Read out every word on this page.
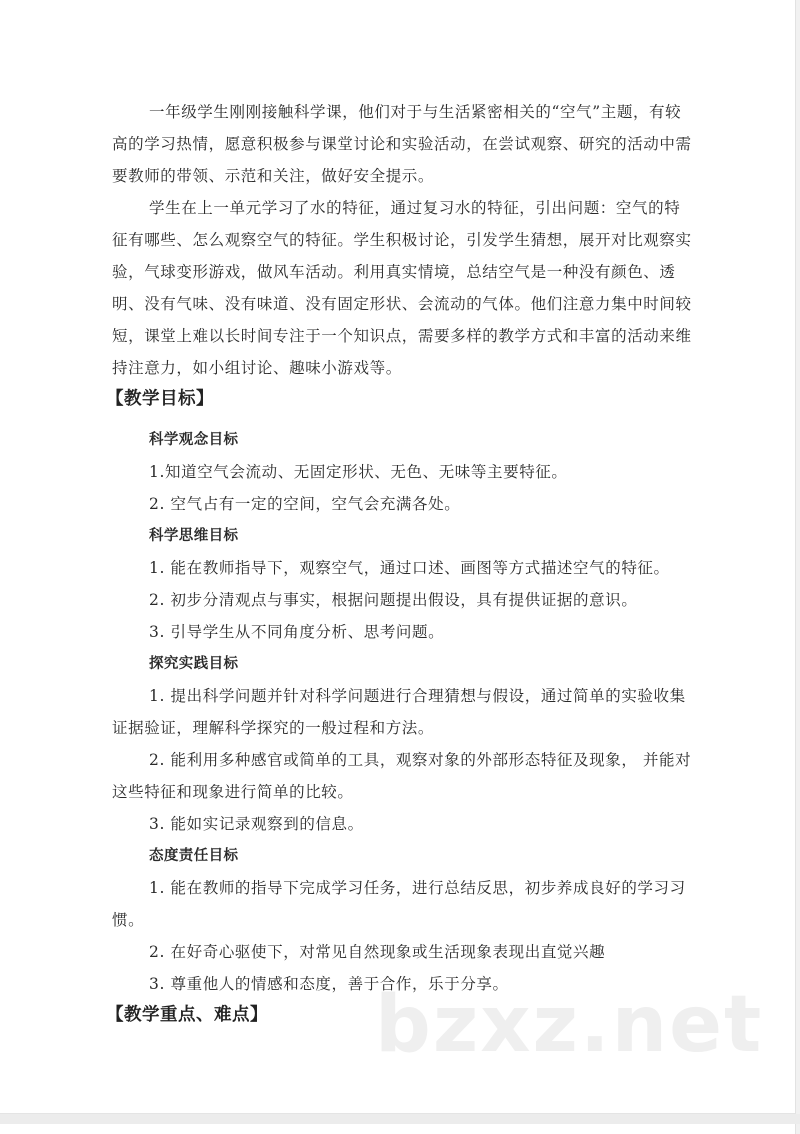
一年级学生刚刚接触科学课，他们对于与生活紧密相关的“空气”主题，有较高的学习热情，愿意积极参与课堂讨论和实验活动，在尝试观察、研究的活动中需要教师的带领、示范和关注，做好安全提示。

学生在上一单元学习了水的特征，通过复习水的特征，引出问题：空气的特征有哪些、怎么观察空气的特征。学生积极讨论，引发学生猜想，展开对比观察实验，气球变形游戏，做风车活动。利用真实情境，总结空气是一种没有颜色、透明、没有气味、没有味道、没有固定形状、会流动的气体。他们注意力集中时间较短，课堂上难以长时间专注于一个知识点，需要多样的教学方式和丰富的活动来维持注意力，如小组讨论、趣味小游戏等。

【教学目标】
科学观念目标

1.知道空气会流动、无固定形状、无色、无味等主要特征。

2. 空气占有一定的空间，空气会充满各处。

科学思维目标

1. 能在教师指导下，观察空气，通过口述、画图等方式描述空气的特征。

2. 初步分清观点与事实，根据问题提出假设，具有提供证据的意识。

3. 引导学生从不同角度分析、思考问题。

探究实践目标

1. 提出科学问题并针对科学问题进行合理猜想与假设，通过简单的实验收集证据验证，理解科学探究的一般过程和方法。

2. 能利用多种感官或简单的工具，观察对象的外部形态特征及现象， 并能对这些特征和现象进行简单的比较。

3. 能如实记录观察到的信息。

态度责任目标

1. 能在教师的指导下完成学习任务，进行总结反思，初步养成良好的学习习惯。

2. 在好奇心驱使下，对常见自然现象或生活现象表现出直觉兴趣

3. 尊重他人的情感和态度，善于合作，乐于分享。

【教学重点、难点】	bzxz.net
